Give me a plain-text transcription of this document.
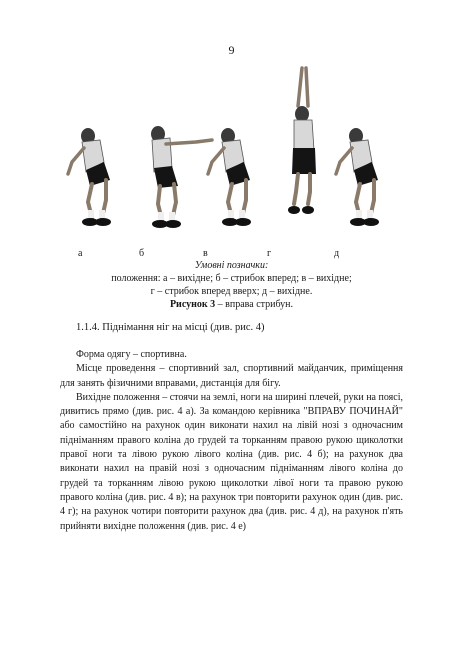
9
а	б	в	г	д
Умовні позначки:
положення: а – вихідне; б – стрибок вперед; в – вихідне;
г – стрибок вперед вверх; д – вихідне.
Рисунок 3 – вправа стрибун.
1.1.4. Піднімання ніг на місці (див. рис. 4)

Форма одягу – спортивна.

Місце проведення – спортивний зал, спортивний майданчик, приміщення для занять фізичними вправами, дистанція для бігу.

Вихідне положення – стоячи на землі, ноги на ширині плечей, руки на поясі, дивитись прямо (див. рис. 4 а). За командою керівника "ВПРАВУ ПОЧИНАЙ" або самостійно на рахунок один виконати нахил на лівій нозі з одночасним підніманням правого коліна до грудей та торканням правою рукою щиколотки правої ноги та лівою рукою лівого коліна (див. рис. 4 б); на рахунок два виконати нахил на правій нозі з одночасним підніманням лівого коліна до грудей та торканням лівою рукою щиколотки лівої ноги та правою рукою правого коліна (див. рис. 4 в); на рахунок три повторити рахунок один (див. рис. 4 г); на рахунок чотири повторити рахунок два (див. рис. 4 д), на рахунок п'ять прийняти вихідне положення (див. рис. 4 е)
